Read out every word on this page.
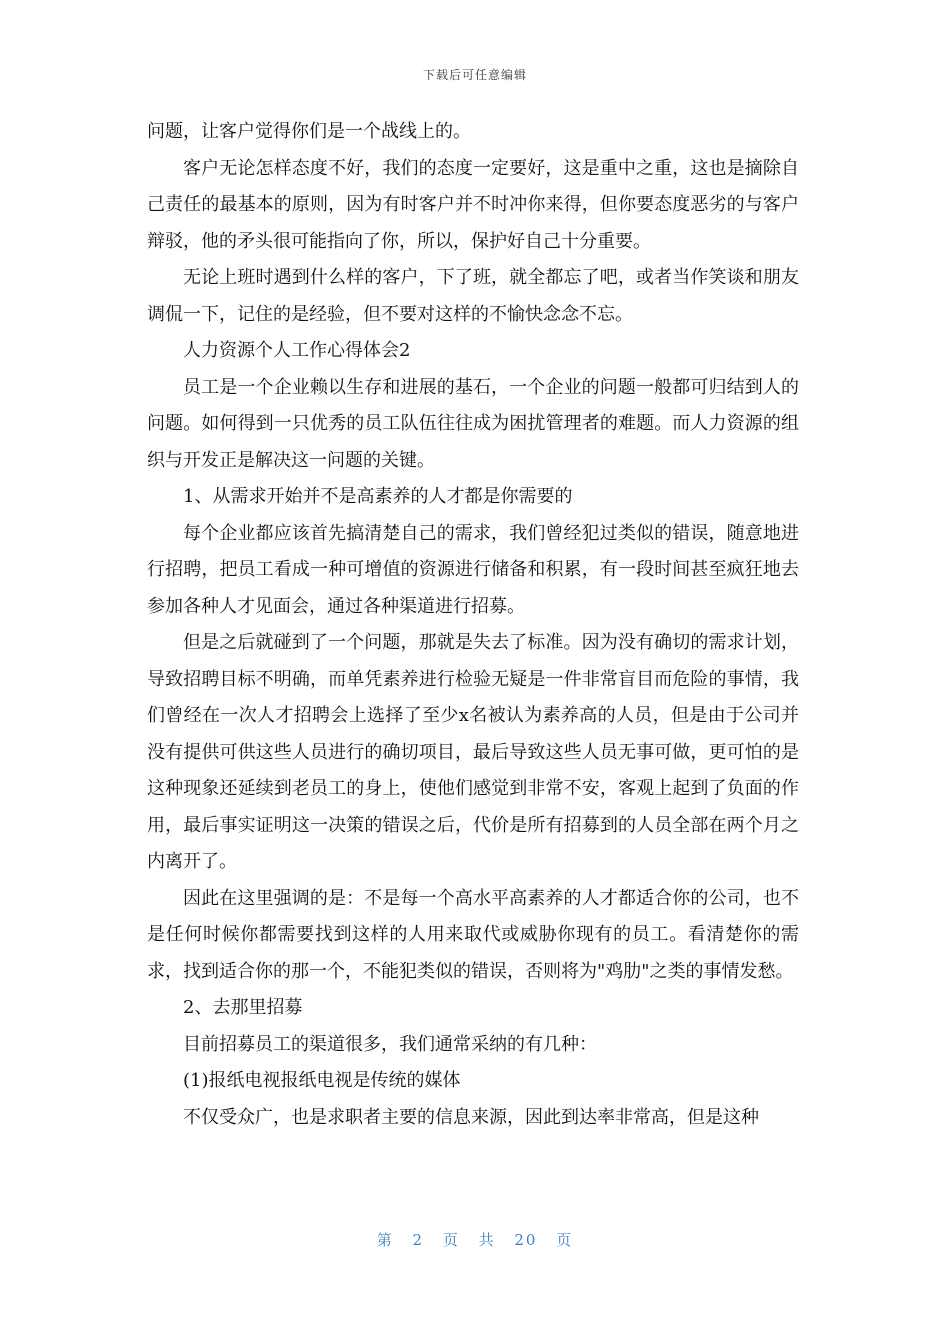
下载后可任意编辑

问题，让客户觉得你们是一个战线上的。

客户无论怎样态度不好，我们的态度一定要好，这是重中之重，这也是摘除自己责任的最基本的原则，因为有时客户并不时冲你来得，但你要态度恶劣的与客户辩驳，他的矛头很可能指向了你，所以，保护好自己十分重要。

无论上班时遇到什么样的客户，下了班，就全都忘了吧，或者当作笑谈和朋友调侃一下，记住的是经验，但不要对这样的不愉快念念不忘。

人力资源个人工作心得体会2

员工是一个企业赖以生存和进展的基石，一个企业的问题一般都可归结到人的问题。如何得到一只优秀的员工队伍往往成为困扰管理者的难题。而人力资源的组织与开发正是解决这一问题的关键。

1、从需求开始并不是高素养的人才都是你需要的

每个企业都应该首先搞清楚自己的需求，我们曾经犯过类似的错误，随意地进行招聘，把员工看成一种可增值的资源进行储备和积累，有一段时间甚至疯狂地去参加各种人才见面会，通过各种渠道进行招募。

但是之后就碰到了一个问题，那就是失去了标准。因为没有确切的需求计划，导致招聘目标不明确，而单凭素养进行检验无疑是一件非常盲目而危险的事情，我们曾经在一次人才招聘会上选择了至少x名被认为素养高的人员，但是由于公司并没有提供可供这些人员进行的确切项目，最后导致这些人员无事可做，更可怕的是这种现象还延续到老员工的身上，使他们感觉到非常不安，客观上起到了负面的作用，最后事实证明这一决策的错误之后，代价是所有招募到的人员全部在两个月之内离开了。

因此在这里强调的是：不是每一个高水平高素养的人才都适合你的公司，也不是任何时候你都需要找到这样的人用来取代或威胁你现有的员工。看清楚你的需求，找到适合你的那一个，不能犯类似的错误，否则将为"鸡肋"之类的事情发愁。

2、去那里招募

目前招募员工的渠道很多，我们通常采纳的有几种：

(1)报纸电视报纸电视是传统的媒体

不仅受众广，也是求职者主要的信息来源，因此到达率非常高，但是这种

第 2 页 共 20 页
